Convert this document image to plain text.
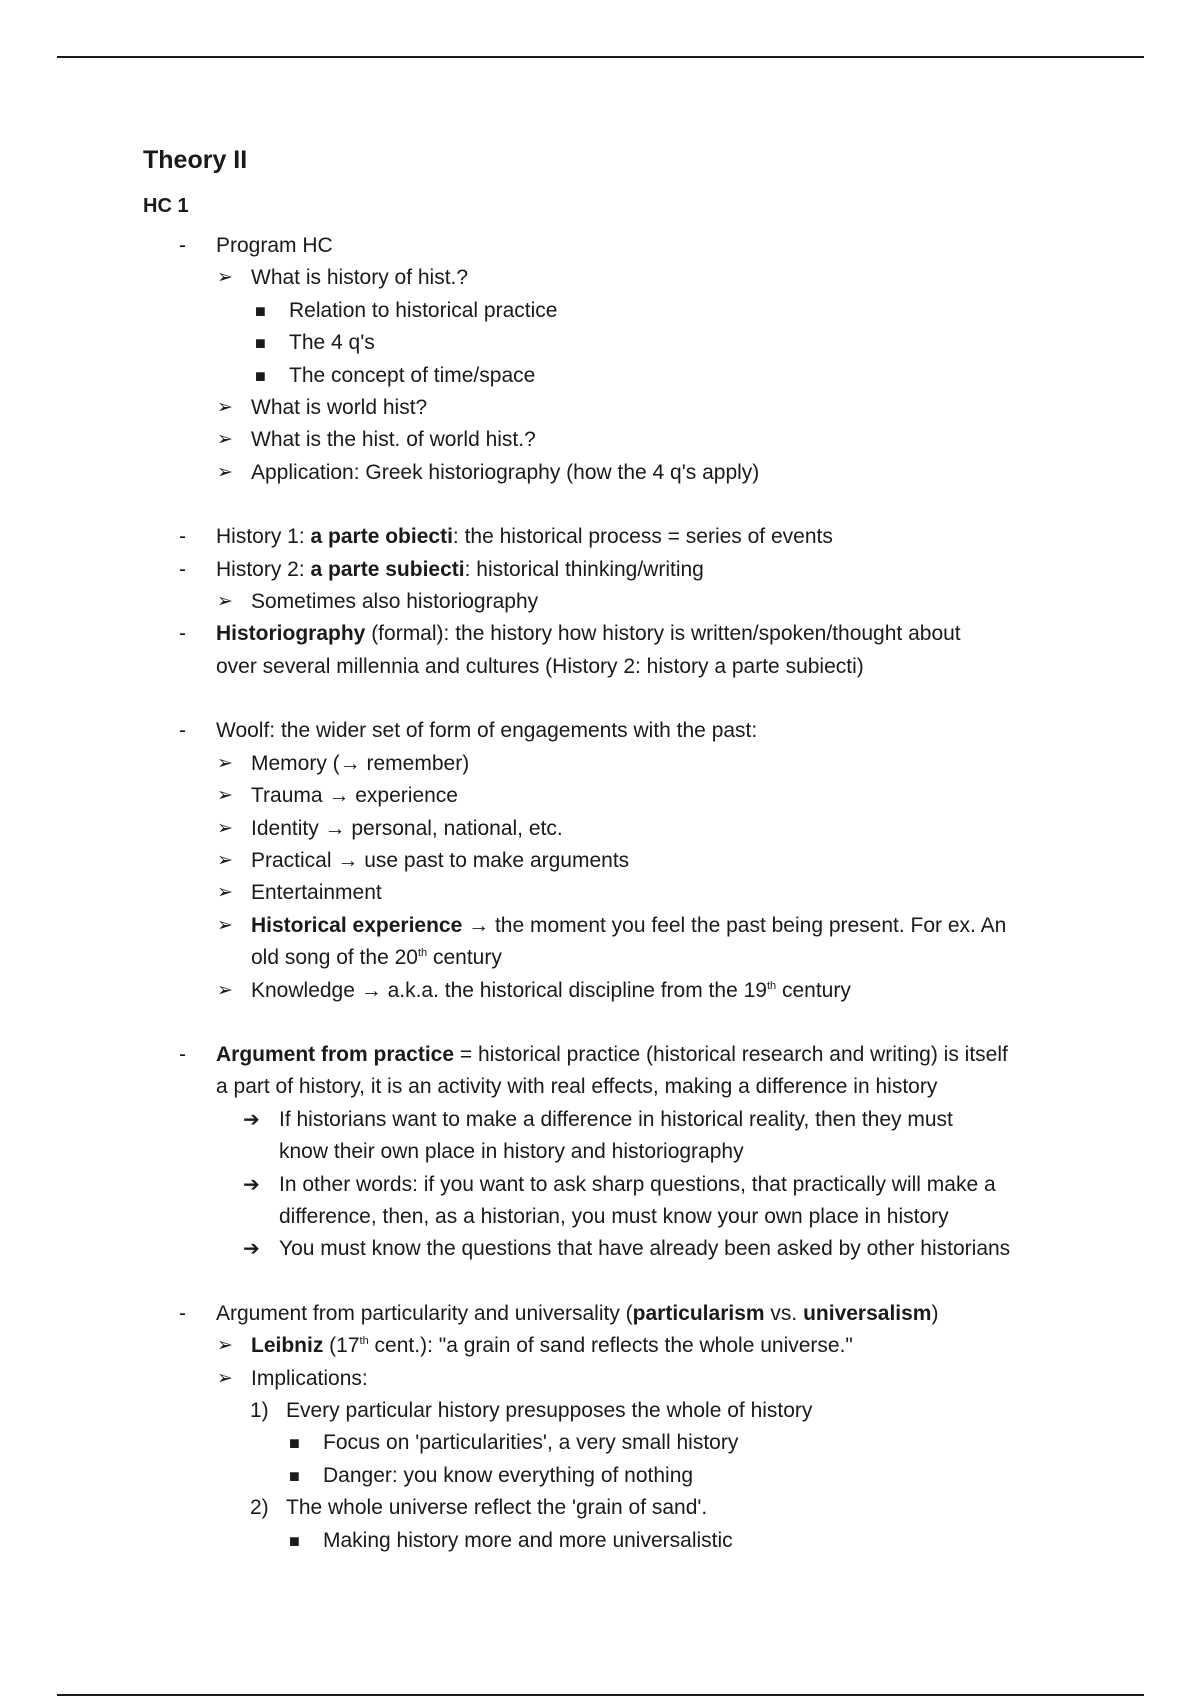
Theory II
HC 1
- Program HC
➢ What is history of hist.?
■ Relation to historical practice
■ The 4 q's
■ The concept of time/space
➢ What is world hist?
➢ What is the hist. of world hist.?
➢ Application: Greek historiography (how the 4 q's apply)
- History 1: a parte obiecti: the historical process = series of events
- History 2: a parte subiecti: historical thinking/writing
➢ Sometimes also historiography
- Historiography (formal): the history how history is written/spoken/thought about
over several millennia and cultures (History 2: history a parte subiecti)
- Woolf: the wider set of form of engagements with the past:
➢ Memory (→ remember)
➢ Trauma → experience
➢ Identity → personal, national, etc.
➢ Practical → use past to make arguments
➢ Entertainment
➢ Historical experience → the moment you feel the past being present. For ex. An
old song of the 20th century
➢ Knowledge → a.k.a. the historical discipline from the 19th century
- Argument from practice = historical practice (historical research and writing) is itself
a part of history, it is an activity with real effects, making a difference in history
➔ If historians want to make a difference in historical reality, then they must
know their own place in history and historiography
➔ In other words: if you want to ask sharp questions, that practically will make a
difference, then, as a historian, you must know your own place in history
➔ You must know the questions that have already been asked by other historians
- Argument from particularity and universality (particularism vs. universalism)
➢ Leibniz (17th cent.): "a grain of sand reflects the whole universe."
➢ Implications:
1) Every particular history presupposes the whole of history
■ Focus on 'particularities', a very small history
■ Danger: you know everything of nothing
2) The whole universe reflect the 'grain of sand'.
■ Making history more and more universalistic
